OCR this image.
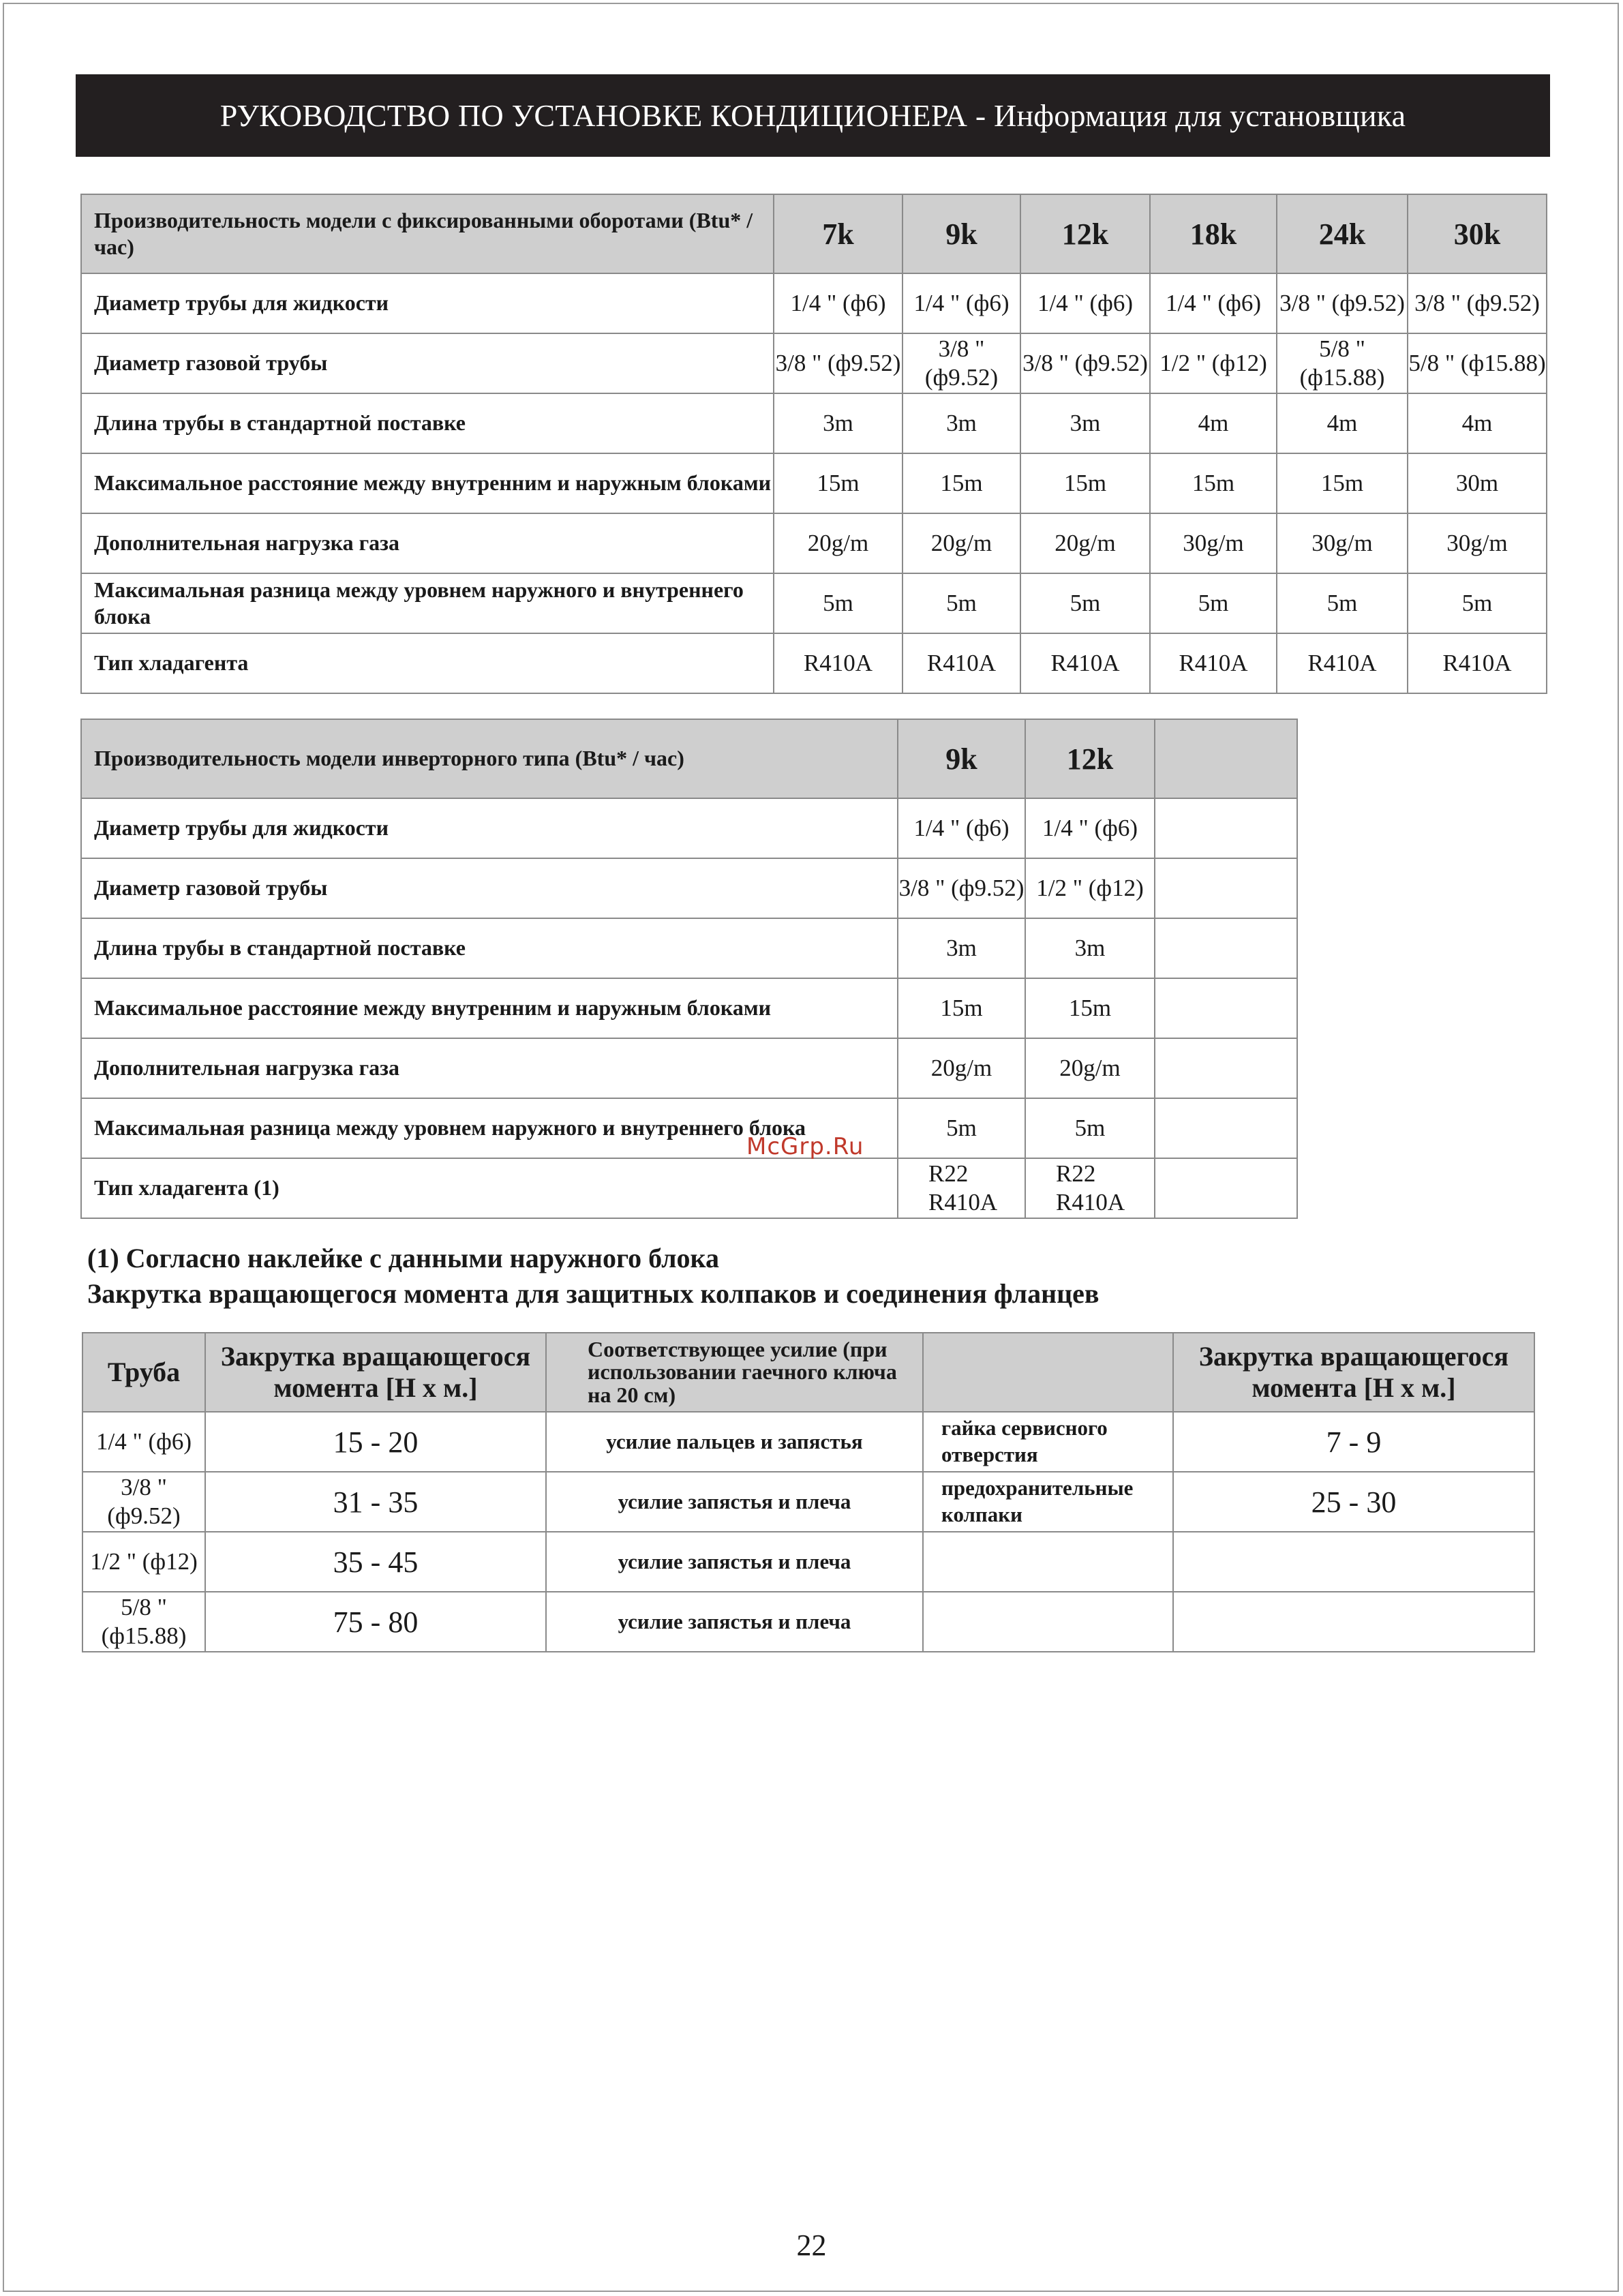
РУКОВОДСТВО ПО УСТАНОВКЕ КОНДИЦИОНЕРА - Информация для установщика
Производительность модели с фиксированными оборотами (Btu* / час)	7k	9k	12k	18k	24k	30k
Диаметр трубы для жидкости	1/4 " (ф6)	1/4 " (ф6)	1/4 " (ф6)	1/4 " (ф6)	3/8 " (ф9.52)	3/8 " (ф9.52)
Диаметр газовой трубы	3/8 " (ф9.52)	3/8 " (ф9.52)	3/8 " (ф9.52)	1/2 " (ф12)	5/8 " (ф15.88)	5/8 " (ф15.88)
Длина трубы в стандартной поставке	3m	3m	3m	4m	4m	4m
Максимальное расстояние между внутренним и наружным блоками	15m	15m	15m	15m	15m	30m
Дополнительная нагрузка газа	20g/m	20g/m	20g/m	30g/m	30g/m	30g/m
Максимальная разница между уровнем наружного и внутреннего блока	5m	5m	5m	5m	5m	5m
Тип хладагента	R410A	R410A	R410A	R410A	R410A	R410A
Производительность модели инверторного типа (Btu* / час)	9k	12k	
Диаметр трубы для жидкости	1/4 " (ф6)	1/4 " (ф6)	
Диаметр газовой трубы	3/8 " (ф9.52)	1/2 " (ф12)	
Длина трубы в стандартной поставке	3m	3m	
Максимальное расстояние между внутренним и наружным блоками	15m	15m	
Дополнительная нагрузка газа	20g/m	20g/m	
Максимальная разница между уровнем наружного и внутреннего блока	5m	5m	
Тип хладагента (1)	R22 R410A	R22 R410A	
(1) Согласно наклейке с данными наружного блока
Закрутка вращающегося момента для защитных колпаков и соединения фланцев
Труба	Закрутка вращающегося момента [Н х м.]	Соответствующее усилие (при использовании гаечного ключа на 20 см)		Закрутка вращающегося момента [Н х м.]
1/4 " (ф6)	15 - 20	усилие пальцев и запястья	гайка сервисного отверстия	7 - 9
3/8 " (ф9.52)	31 - 35	усилие запястья и плеча	предохранительные колпаки	25 - 30
1/2 " (ф12)	35 - 45	усилие запястья и плеча		
5/8 " (ф15.88)	75 - 80	усилие запястья и плеча		
McGrp.Ru
22
